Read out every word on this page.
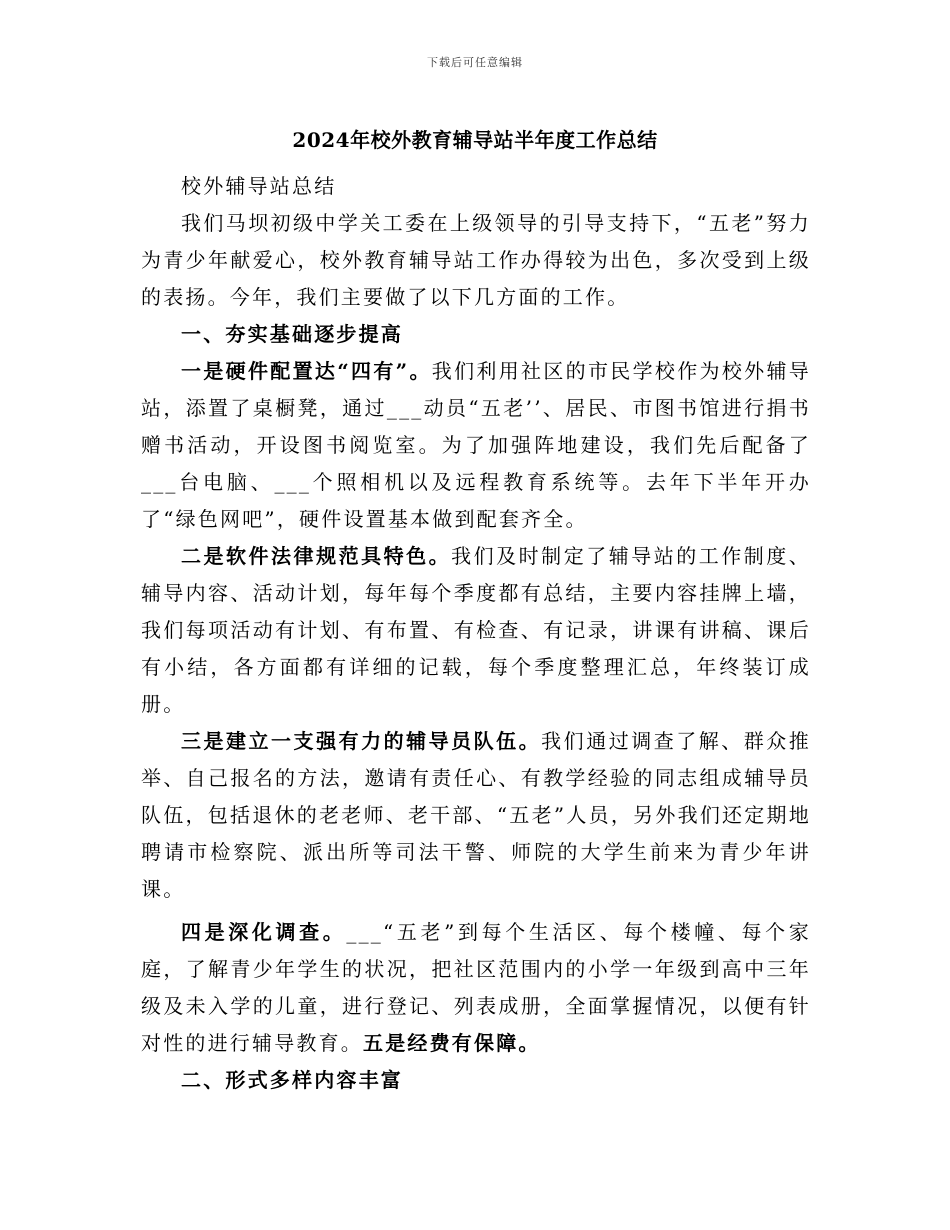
下载后可任意编辑
2024年校外教育辅导站半年度工作总结

校外辅导站总结

我们马坝初级中学关工委在上级领导的引导支持下，“五老”努力为青少年献爱心，校外教育辅导站工作办得较为出色，多次受到上级的表扬。今年，我们主要做了以下几方面的工作。

一、夯实基础逐步提高

一是硬件配置达“四有”。我们利用社区的市民学校作为校外辅导站，添置了桌橱凳，通过___动员“五老’’、居民、市图书馆进行捐书赠书活动，开设图书阅览室。为了加强阵地建设，我们先后配备了___台电脑、___个照相机以及远程教育系统等。去年下半年开办了“绿色网吧”，硬件设置基本做到配套齐全。

二是软件法律规范具特色。我们及时制定了辅导站的工作制度、辅导内容、活动计划，每年每个季度都有总结，主要内容挂牌上墙，我们每项活动有计划、有布置、有检查、有记录，讲课有讲稿、课后有小结，各方面都有详细的记载，每个季度整理汇总，年终装订成册。

三是建立一支强有力的辅导员队伍。我们通过调查了解、群众推举、自己报名的方法，邀请有责任心、有教学经验的同志组成辅导员队伍，包括退休的老老师、老干部、“五老”人员，另外我们还定期地聘请市检察院、派出所等司法干警、师院的大学生前来为青少年讲课。

四是深化调查。___“五老”到每个生活区、每个楼幢、每个家庭，了解青少年学生的状况，把社区范围内的小学一年级到高中三年级及未入学的儿童，进行登记、列表成册，全面掌握情况，以便有针对性的进行辅导教育。五是经费有保障。

二、形式多样内容丰富
